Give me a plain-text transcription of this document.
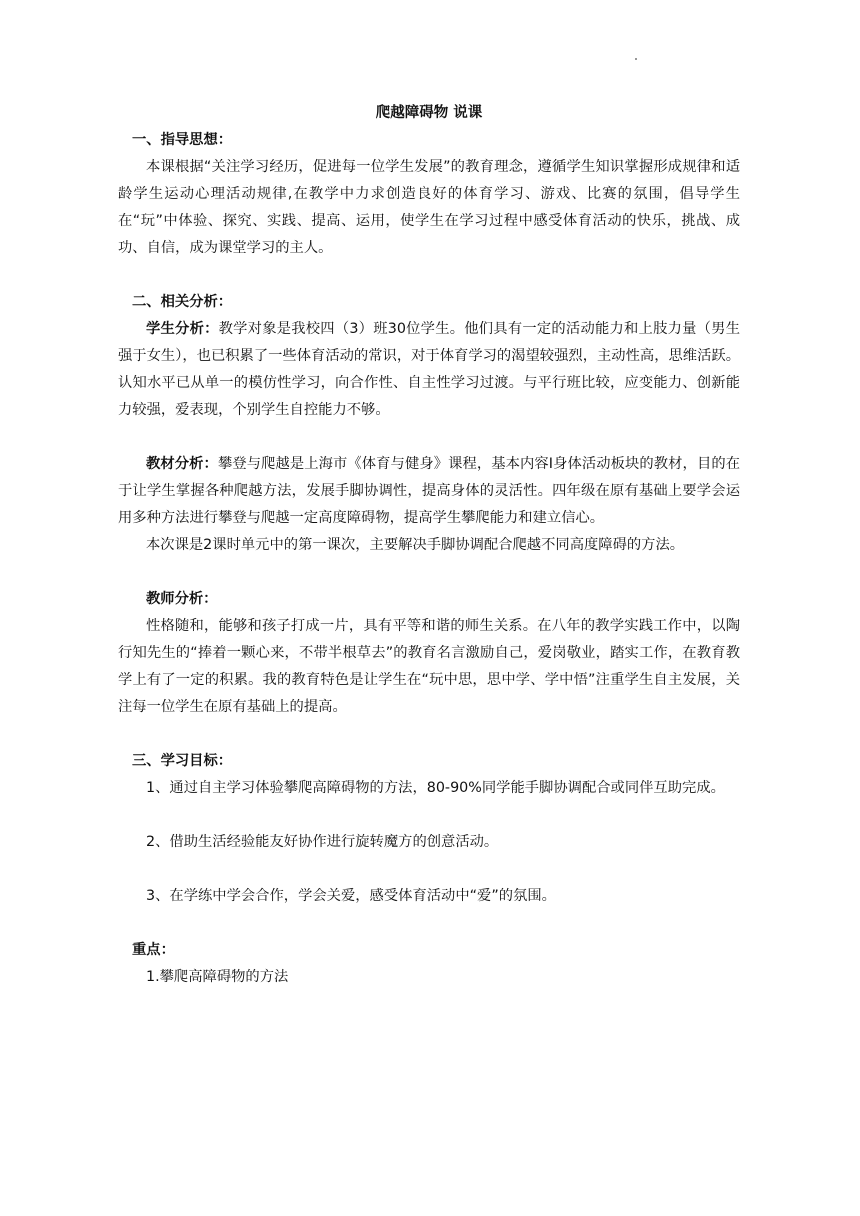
爬越障碍物 说课
一、指导思想：

本课根据“关注学习经历，促进每一位学生发展”的教育理念，遵循学生知识掌握形成规律和适龄学生运动心理活动规律,在教学中力求创造良好的体育学习、游戏、比赛的氛围，倡导学生在“玩”中体验、探究、实践、提高、运用，使学生在学习过程中感受体育活动的快乐，挑战、成功、自信，成为课堂学习的主人。

二、相关分析：

学生分析：教学对象是我校四（3）班30位学生。他们具有一定的活动能力和上肢力量（男生强于女生），也已积累了一些体育活动的常识，对于体育学习的渴望较强烈，主动性高，思维活跃。认知水平已从单一的模仿性学习，向合作性、自主性学习过渡。与平行班比较，应变能力、创新能力较强，爱表现，个别学生自控能力不够。

教材分析：攀登与爬越是上海市《体育与健身》课程，基本内容Ⅰ身体活动板块的教材，目的在于让学生掌握各种爬越方法，发展手脚协调性，提高身体的灵活性。四年级在原有基础上要学会运用多种方法进行攀登与爬越一定高度障碍物，提高学生攀爬能力和建立信心。

本次课是2课时单元中的第一课次，主要解决手脚协调配合爬越不同高度障碍的方法。

教师分析：

性格随和，能够和孩子打成一片，具有平等和谐的师生关系。在八年的教学实践工作中，以陶行知先生的“捧着一颗心来，不带半根草去”的教育名言激励自己，爱岗敬业，踏实工作，在教育教学上有了一定的积累。我的教育特色是让学生在“玩中思，思中学、学中悟”注重学生自主发展，关注每一位学生在原有基础上的提高。

三、学习目标：

1、通过自主学习体验攀爬高障碍物的方法，80-90%同学能手脚协调配合或同伴互助完成。

2、借助生活经验能友好协作进行旋转魔方的创意活动。

3、在学练中学会合作，学会关爱，感受体育活动中“爱”的氛围。

重点：

1.攀爬高障碍物的方法
